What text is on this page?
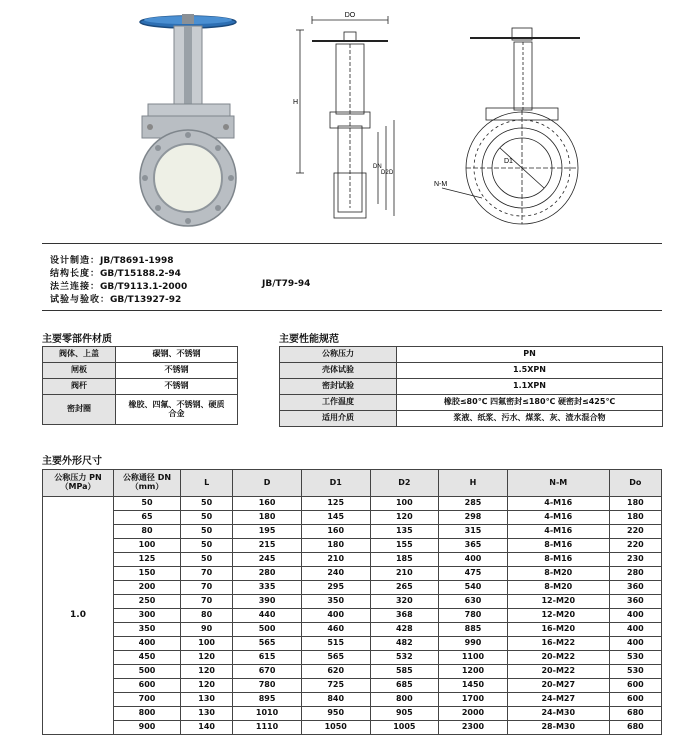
DO
H
DN
D2 D
D1
N-M
设计制造：JB/T8691-1998
结构长度：GB/T15188.2-94
法兰连接：GB/T9113.1-2000	JB/T79-94
试验与验收：GB/T13927-92
主要零部件材质	主要性能规范
主要外形尺寸
阀体、上盖	碳钢、不锈钢
闸板	不锈钢
阀杆	不锈钢
密封圈	橡胶、四氟、不锈钢、硬质合金
公称压力	PN
壳体试验	1.5XPN
密封试验	1.1XPN
工作温度	橡胶≤80℃ 四氟密封≤180℃ 硬密封≤425℃
适用介质	浆液、纸浆、污水、煤浆、灰、渣水混合物
公称压力 PN（MPa）	公称通径 DN（mm）	L	D	D1	D2	H	N-M	Do
1.0	50	50	160	125	100	285	4-M16	180
	65	50	180	145	120	298	4-M16	180
	80	50	195	160	135	315	4-M16	220
	100	50	215	180	155	365	8-M16	220
	125	50	245	210	185	400	8-M16	230
	150	70	280	240	210	475	8-M20	280
	200	70	335	295	265	540	8-M20	360
	250	70	390	350	320	630	12-M20	360
	300	80	440	400	368	780	12-M20	400
	350	90	500	460	428	885	16-M20	400
	400	100	565	515	482	990	16-M22	400
	450	120	615	565	532	1100	20-M22	530
	500	120	670	620	585	1200	20-M22	530
	600	120	780	725	685	1450	20-M27	600
	700	130	895	840	800	1700	24-M27	600
	800	130	1010	950	905	2000	24-M30	680
	900	140	1110	1050	1005	2300	28-M30	680
